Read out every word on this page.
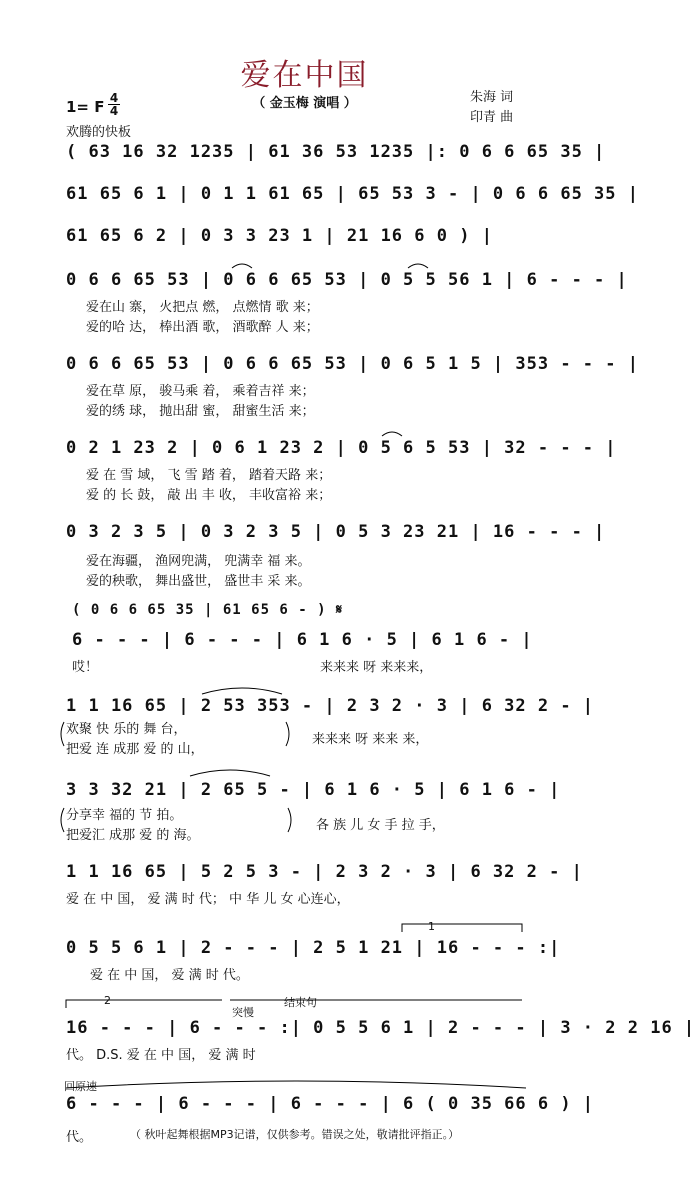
爱在中国
（ 金玉梅 演唱 ）	朱海 词
印青 曲
1= F 4
4
欢腾的快板
( 63 16 32 1235 | 61 36 53 1235 |: 0 6 6 65 35 |
61 65 6 1 | 0 1 1 61 65 | 65 53 3 - | 0 6 6 65 35 |
61 65 6 2 | 0 3 3 23 1 | 21 16 6 0 ) |
0 6 6 65 53 | 0 6 6 65 53 | 0 5 5 56 1 | 6 - - - |
爱在山 寨， 火把点 燃， 点燃情 歌 来；
爱的哈 达， 棒出酒 歌， 酒歌醉 人 来；
0 6 6 65 53 | 0 6 6 65 53 | 0 6 5 1 5 | 353 - - - |
爱在草 原， 骏马乘 着， 乘着吉祥 来；
爱的绣 球， 抛出甜 蜜， 甜蜜生活 来；
0 2 1 23 2 | 0 6 1 23 2 | 0 5 6 5 53 | 32 - - - |
爱 在 雪 域， 飞 雪 踏 着， 踏着天路 来；
爱 的 长 鼓， 敲 出 丰 收， 丰收富裕 来；
0 3 2 3 5 | 0 3 2 3 5 | 0 5 3 23 21 | 16 - - - |
爱在海疆， 渔网兜满， 兜满幸 福 来。
爱的秧歌， 舞出盛世， 盛世丰 采 来。
( 0 6 6 65 35 | 61 65 6 - ) 𝄋
6 - - - | 6 - - - | 6 1 6 · 5 | 6 1 6 - |
哎！	来来来 呀 来来来，
1 1 16 65 | 2 53 353 - | 2 3 2 · 3 | 6 32 2 - |
欢聚 快 乐的 舞 台，
把爱 连 成那 爱 的 山，
来来来 呀 来来 来，
3 3 32 21 | 2 65 5 - | 6 1 6 · 5 | 6 1 6 - |
分享幸 福的 节 拍。
把爱汇 成那 爱 的 海。
各 族 儿 女 手 拉 手，
1 1 16 65 | 5 2 5 3 - | 2 3 2 · 3 | 6 32 2 - |
爱 在 中 国， 爱 满 时 代； 中 华 儿 女 心连心，
1
0 5 5 6 1 | 2 - - - | 2 5 1 21 | 16 - - - :|
爱 在 中 国， 爱 满 时 代。
2
突慢
结束句
16 - - - | 6 - - - :| 0 5 5 6 1 | 2 - - - | 3 · 2 2 16 |
代。 D.S. 爱 在 中 国， 爱 满 时
回原速
6 - - - | 6 - - - | 6 - - - | 6 ( 0 35 66 6 ) |
代。	（ 秋叶起舞根据MP3记谱，仅供参考。错误之处，敬请批评指正。）
